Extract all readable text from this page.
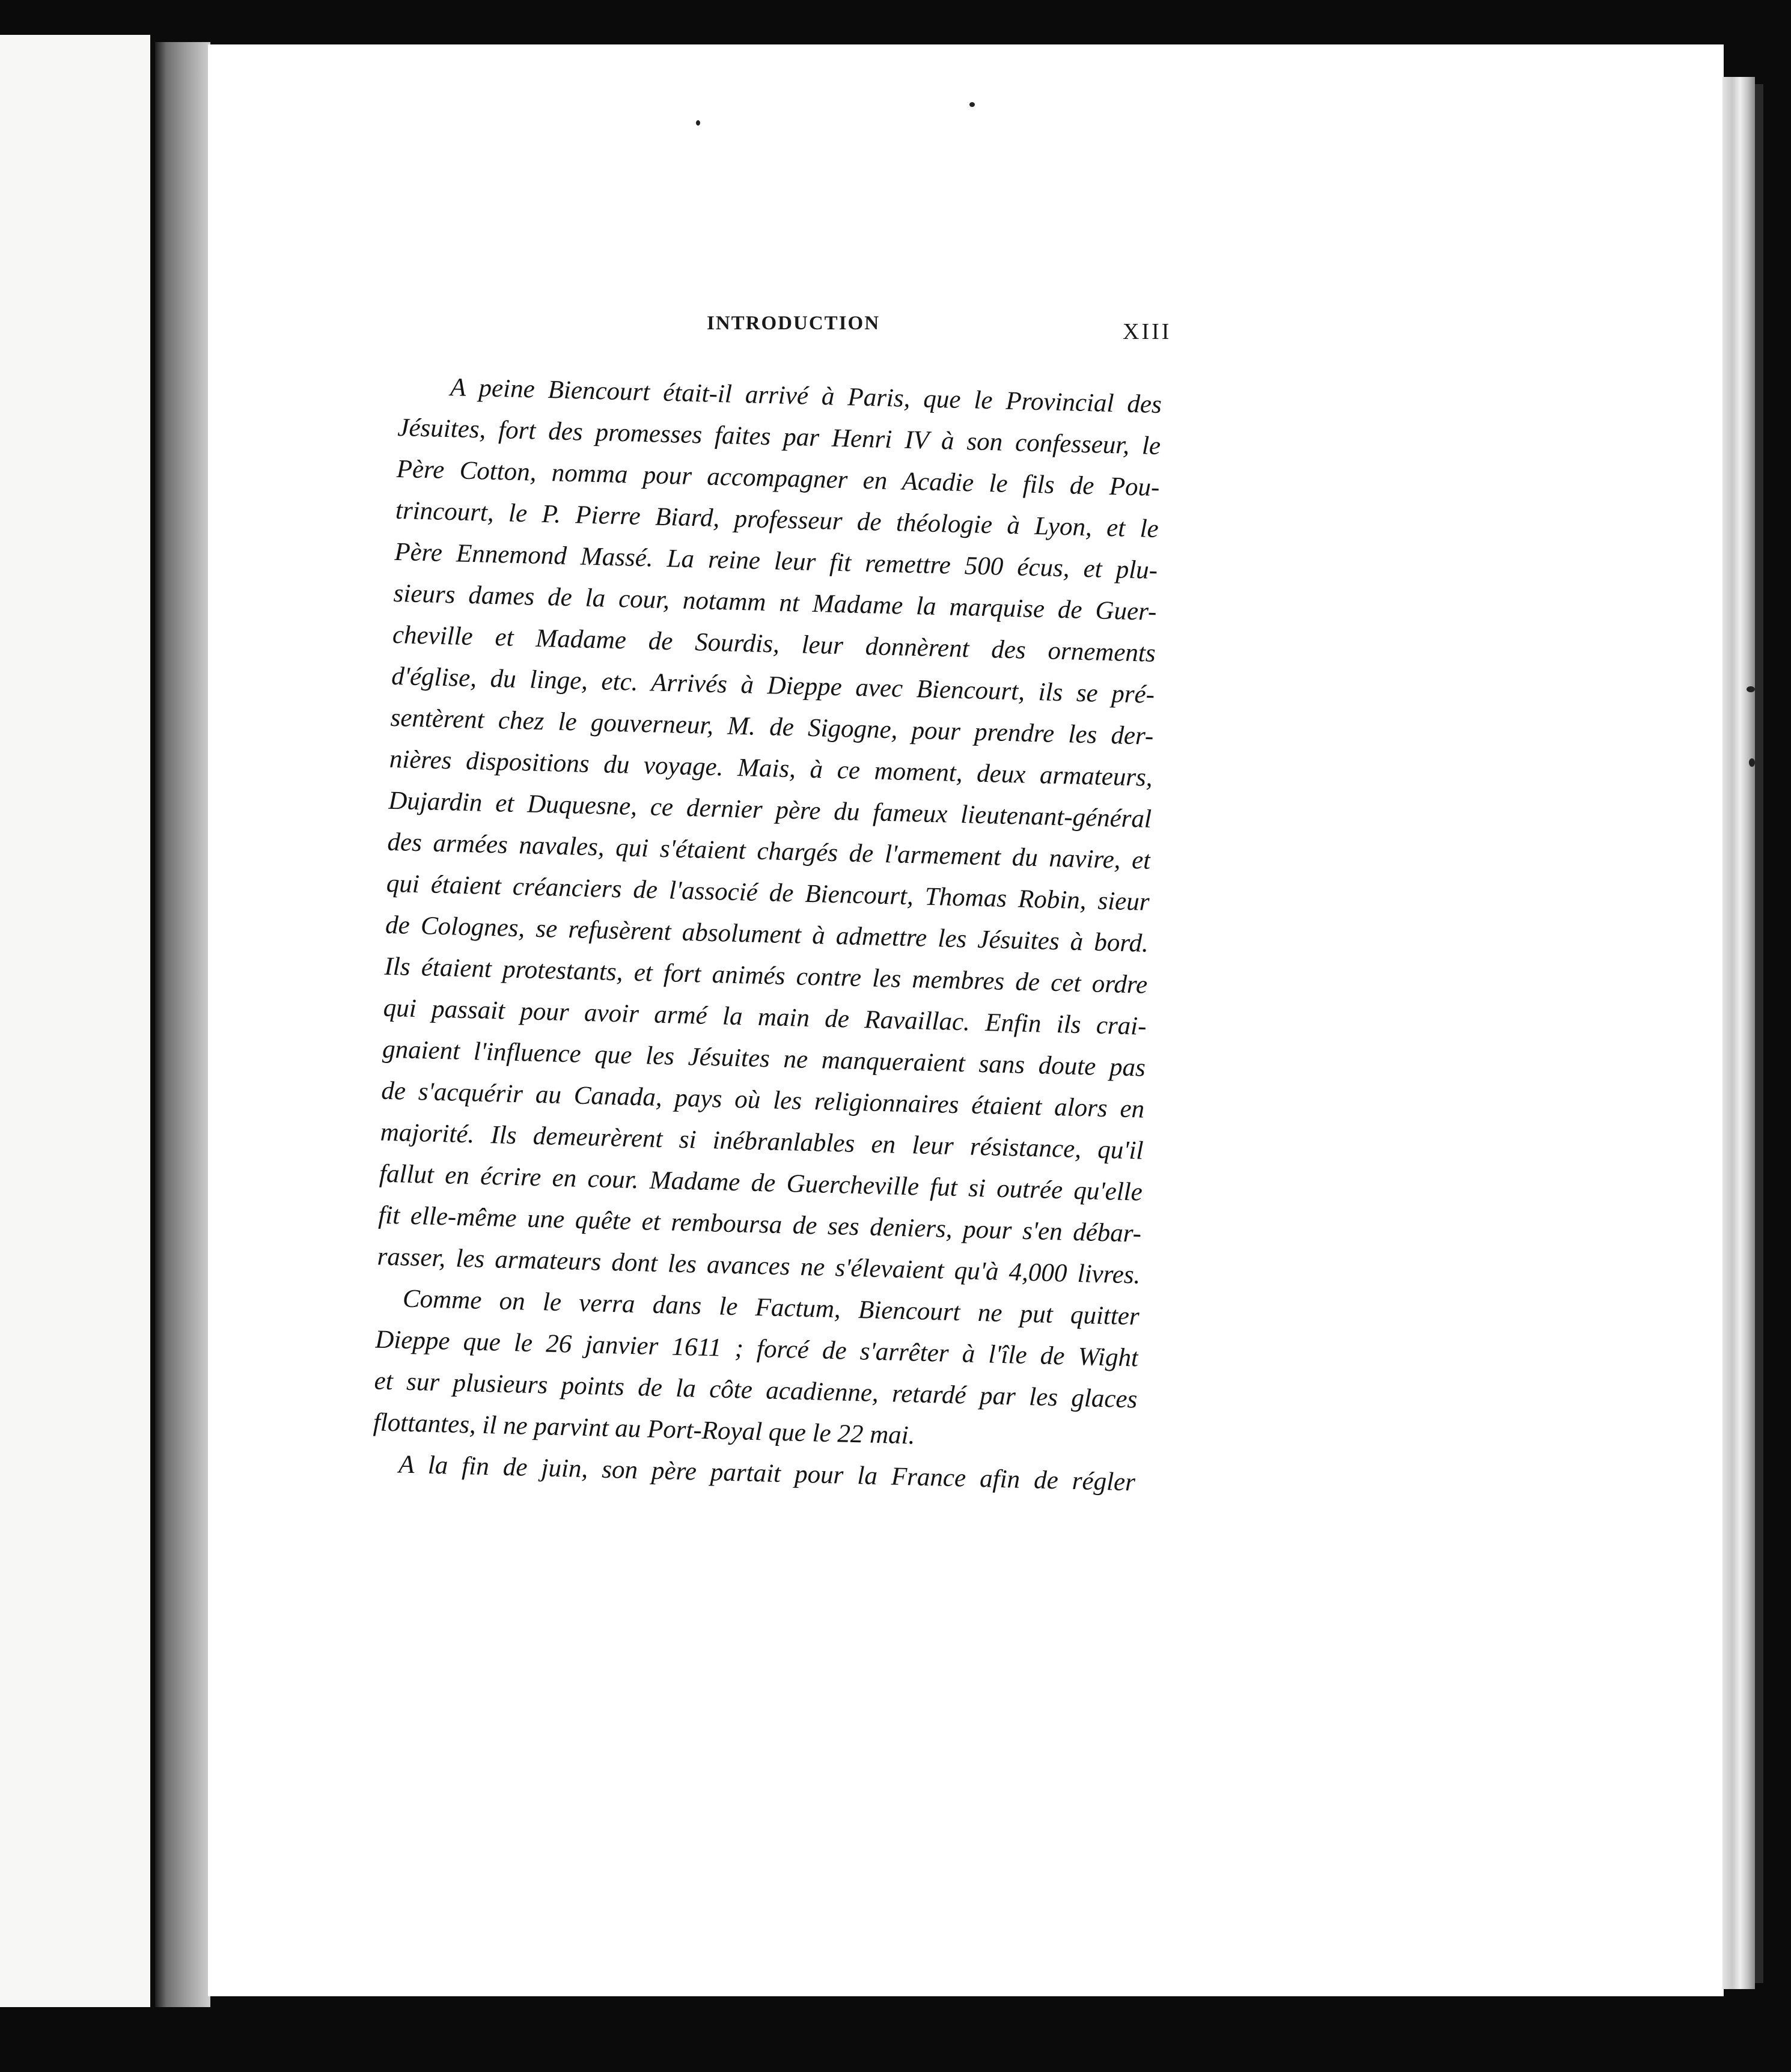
INTRODUCTION	XIII
A peine Biencourt était-il arrivé à Paris, que le Provincial des
Jésuites, fort des promesses faites par Henri IV à son confesseur, le
Père Cotton, nomma pour accompagner en Acadie le fils de Pou-
trincourt, le P. Pierre Biard, professeur de théologie à Lyon, et le
Père Ennemond Massé. La reine leur fit remettre 500 écus, et plu-
sieurs dames de la cour, notamm nt Madame la marquise de Guer-
cheville et Madame de Sourdis, leur donnèrent des ornements
d'église, du linge, etc. Arrivés à Dieppe avec Biencourt, ils se pré-
sentèrent chez le gouverneur, M. de Sigogne, pour prendre les der-
nières dispositions du voyage. Mais, à ce moment, deux armateurs,
Dujardin et Duquesne, ce dernier père du fameux lieutenant-général
des armées navales, qui s'étaient chargés de l'armement du navire, et
qui étaient créanciers de l'associé de Biencourt, Thomas Robin, sieur
de Colognes, se refusèrent absolument à admettre les Jésuites à bord.
Ils étaient protestants, et fort animés contre les membres de cet ordre
qui passait pour avoir armé la main de Ravaillac. Enfin ils crai-
gnaient l'influence que les Jésuites ne manqueraient sans doute pas
de s'acquérir au Canada, pays où les religionnaires étaient alors en
majorité. Ils demeurèrent si inébranlables en leur résistance, qu'il
fallut en écrire en cour. Madame de Guercheville fut si outrée qu'elle
fit elle-même une quête et remboursa de ses deniers, pour s'en débar-
rasser, les armateurs dont les avances ne s'élevaient qu'à 4,000 livres.
Comme on le verra dans le Factum, Biencourt ne put quitter
Dieppe que le 26 janvier 1611 ; forcé de s'arrêter à l'île de Wight
et sur plusieurs points de la côte acadienne, retardé par les glaces
flottantes, il ne parvint au Port-Royal que le 22 mai.
A la fin de juin, son père partait pour la France afin de régler
